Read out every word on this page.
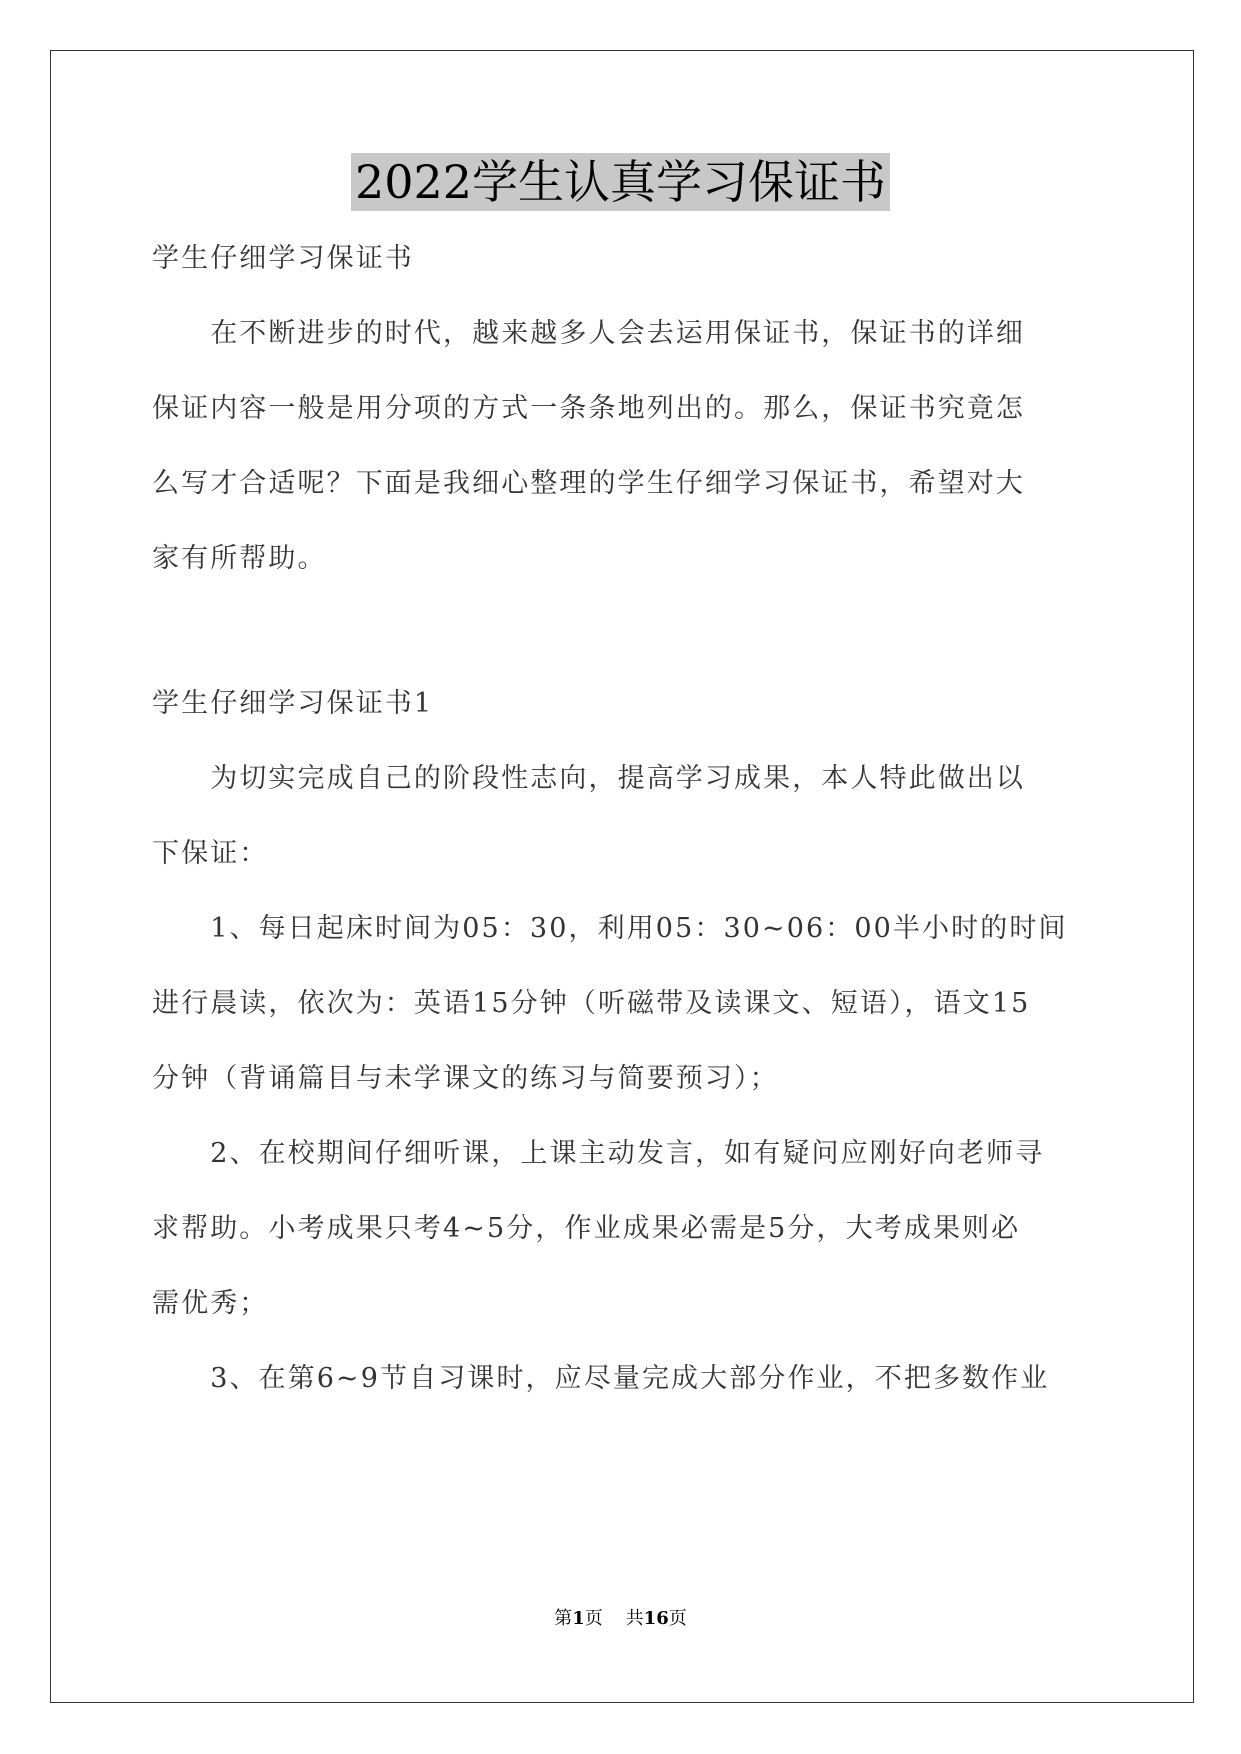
2022学生认真学习保证书
学生仔细学习保证书
　　在不断进步的时代，越来越多人会去运用保证书，保证书的详细
保证内容一般是用分项的方式一条条地列出的。那么，保证书究竟怎
么写才合适呢？下面是我细心整理的学生仔细学习保证书，希望对大
家有所帮助。
学生仔细学习保证书1
　　为切实完成自己的阶段性志向，提高学习成果，本人特此做出以
下保证：
　　1、每日起床时间为05：30，利用05：30~06：00半小时的时间
进行晨读，依次为：英语15分钟（听磁带及读课文、短语），语文15
分钟（背诵篇目与未学课文的练习与简要预习）；
　　2、在校期间仔细听课，上课主动发言，如有疑问应刚好向老师寻
求帮助。小考成果只考4~5分，作业成果必需是5分，大考成果则必
需优秀；
　　3、在第6~9节自习课时，应尽量完成大部分作业，不把多数作业
第1页 共16页
